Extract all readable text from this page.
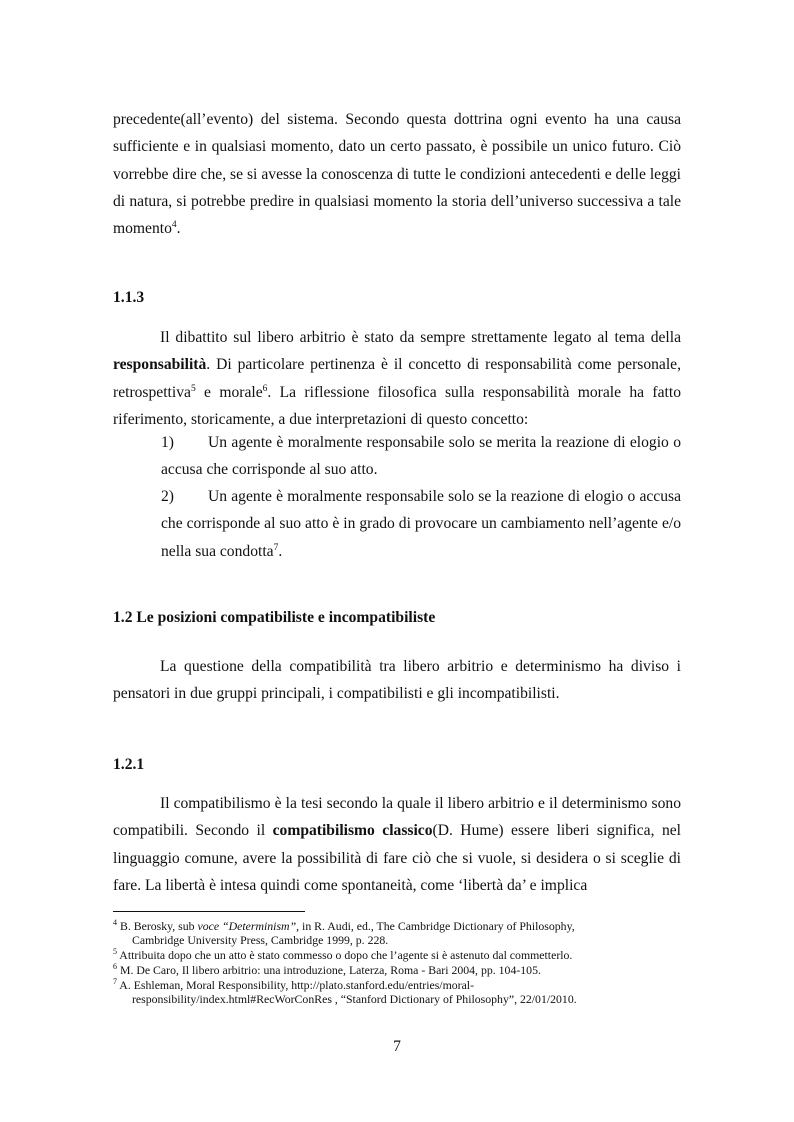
precedente(all’evento) del sistema. Secondo questa dottrina ogni evento ha una causa sufficiente e in qualsiasi momento, dato un certo passato, è possibile un unico futuro. Ciò vorrebbe dire che, se si avesse la conoscenza di tutte le condizioni antecedenti e delle leggi di natura, si potrebbe predire in qualsiasi momento la storia dell’universo successiva a tale momento$^4$.

1.1.3

Il dibattito sul libero arbitrio è stato da sempre strettamente legato al tema della responsabilità. Di particolare pertinenza è il concetto di responsabilità come personale, retrospettiva$^5$ e morale$^6$. La riflessione filosofica sulla responsabilità morale ha fatto riferimento, storicamente, a due interpretazioni di questo concetto:

1) Un agente è moralmente responsabile solo se merita la reazione di elogio o accusa che corrisponde al suo atto.

2) Un agente è moralmente responsabile solo se la reazione di elogio o accusa che corrisponde al suo atto è in grado di provocare un cambiamento nell’agente e/o nella sua condotta$^7$.

1.2 Le posizioni compatibiliste e incompatibiliste

La questione della compatibilità tra libero arbitrio e determinismo ha diviso i pensatori in due gruppi principali, i compatibilisti e gli incompatibilisti.

1.2.1

Il compatibilismo è la tesi secondo la quale il libero arbitrio e il determinismo sono compatibili. Secondo il compatibilismo classico(D. Hume) essere liberi significa, nel linguaggio comune, avere la possibilità di fare ciò che si vuole, si desidera o si sceglie di fare. La libertà è intesa quindi come spontaneità, come ‘libertà da’ e implica

$^4$ B. Berosky, sub voce “Determinism”, in R. Audi, ed., The Cambridge Dictionary of Philosophy,
Cambridge University Press, Cambridge 1999, p. 228.
$^5$ Attribuita dopo che un atto è stato commesso o dopo che l’agente si è astenuto dal commetterlo.
$^6$ M. De Caro, Il libero arbitrio: una introduzione, Laterza, Roma - Bari 2004, pp. 104-105.
$^7$ A. Eshleman, Moral Responsibility, http://plato.stanford.edu/entries/moral-
responsibility/index.html#RecWorConRes , “Stanford Dictionary of Philosophy”, 22/01/2010.
7
